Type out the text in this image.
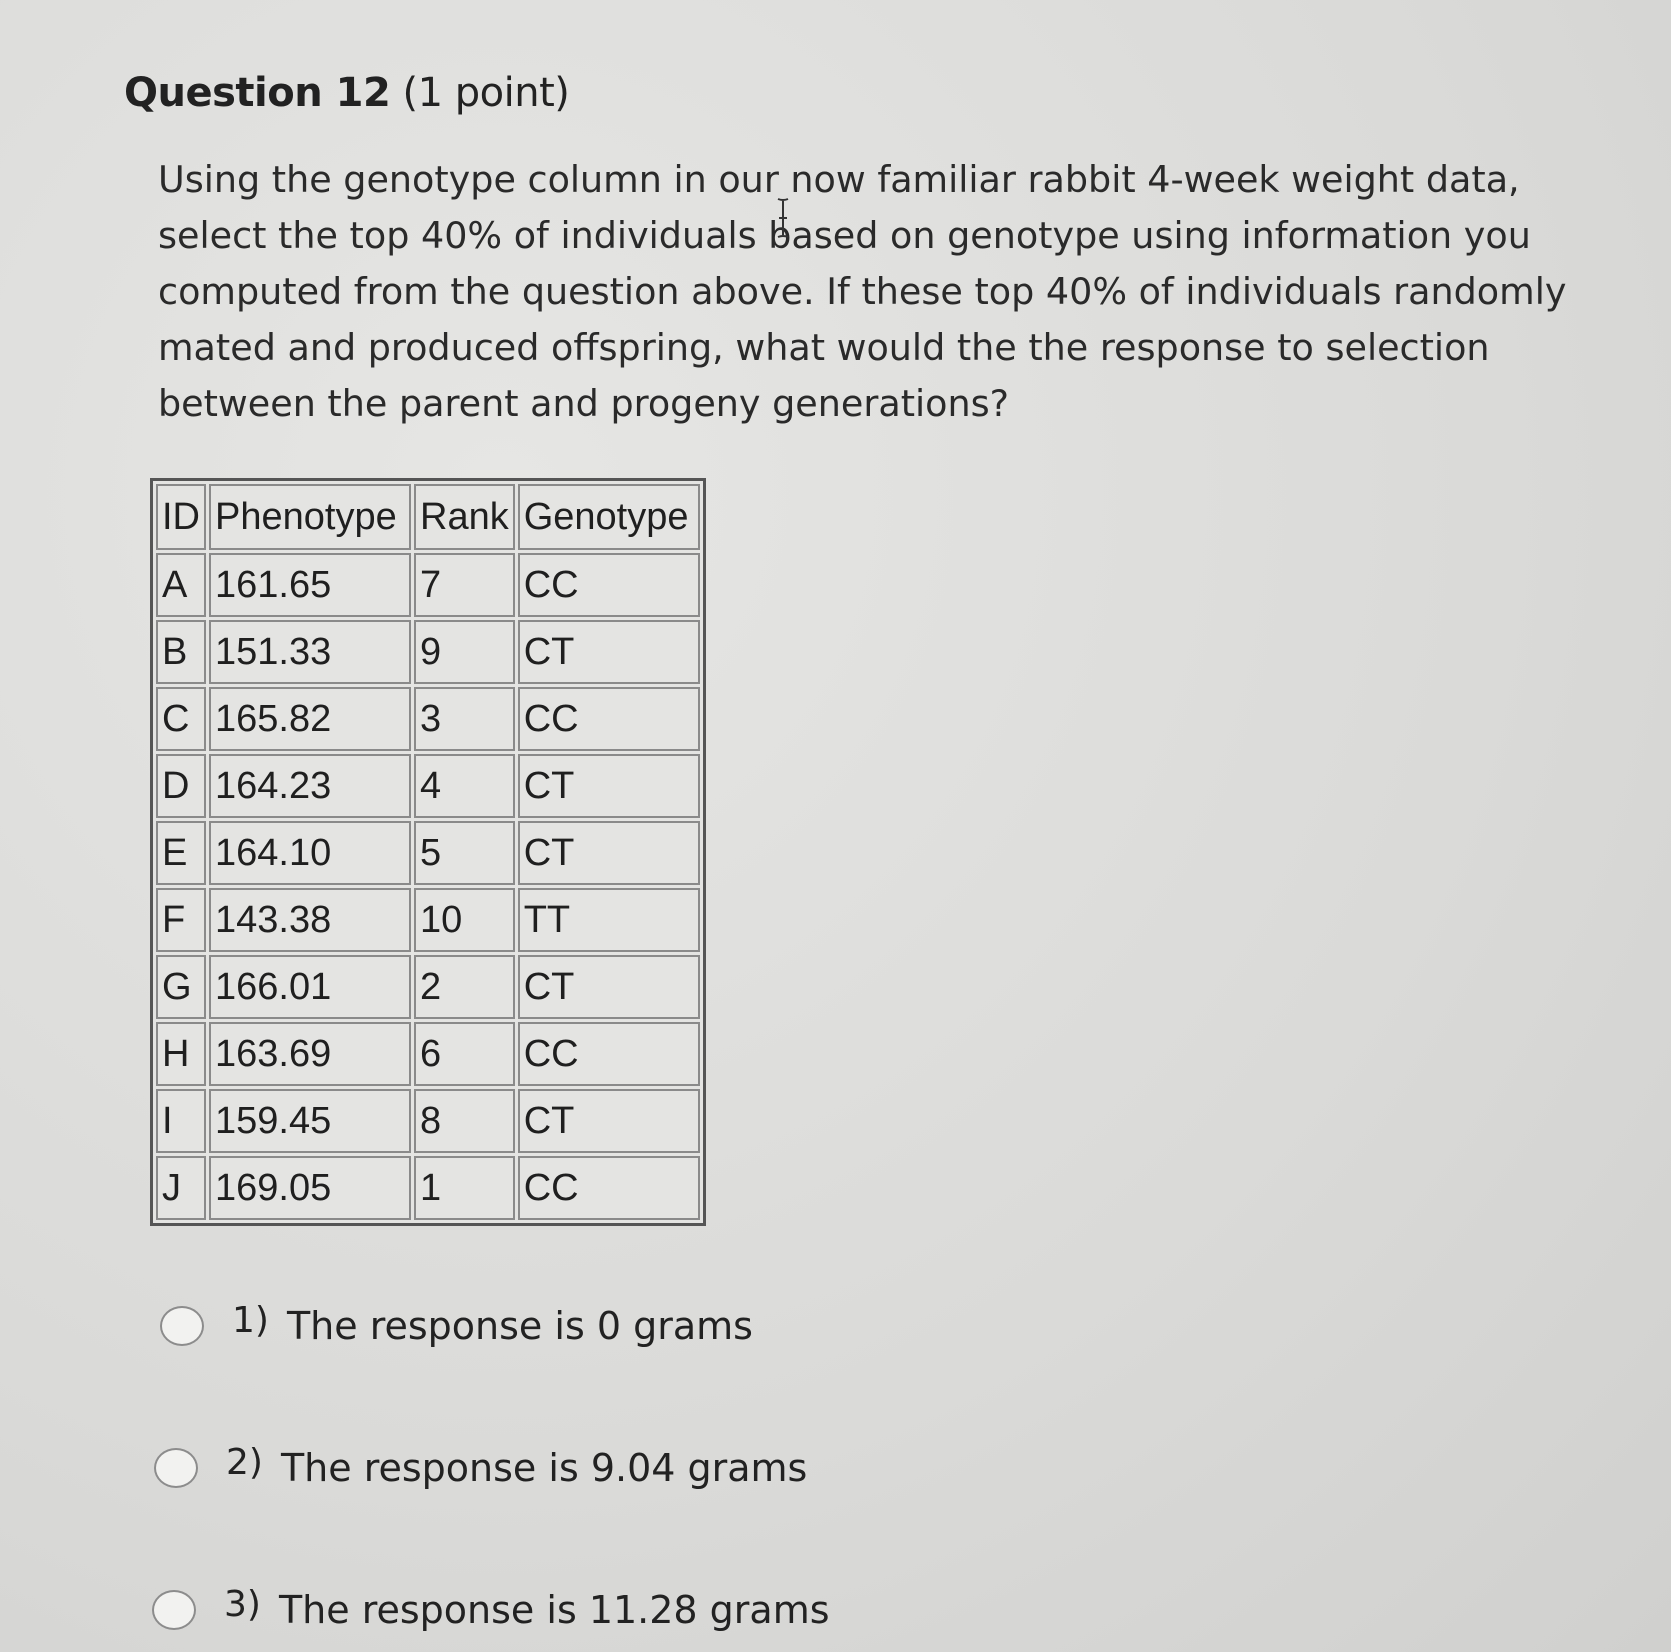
Question 12 (1 point)
Using the genotype column in our now familiar rabbit 4-week weight data, select the top 40% of individuals based on genotype using information you computed from the question above. If these top 40% of individuals randomly mated and produced offspring, what would the the response to selection between the parent and progeny generations?
ID	Phenotype	Rank	Genotype
A	161.65	7	CC
B	151.33	9	CT
C	165.82	3	CC
D	164.23	4	CT
E	164.10	5	CT
F	143.38	10	TT
G	166.01	2	CT
H	163.69	6	CC
I	159.45	8	CT
J	169.05	1	CC
1) The response is 0 grams
2) The response is 9.04 grams
3) The response is 11.28 grams
